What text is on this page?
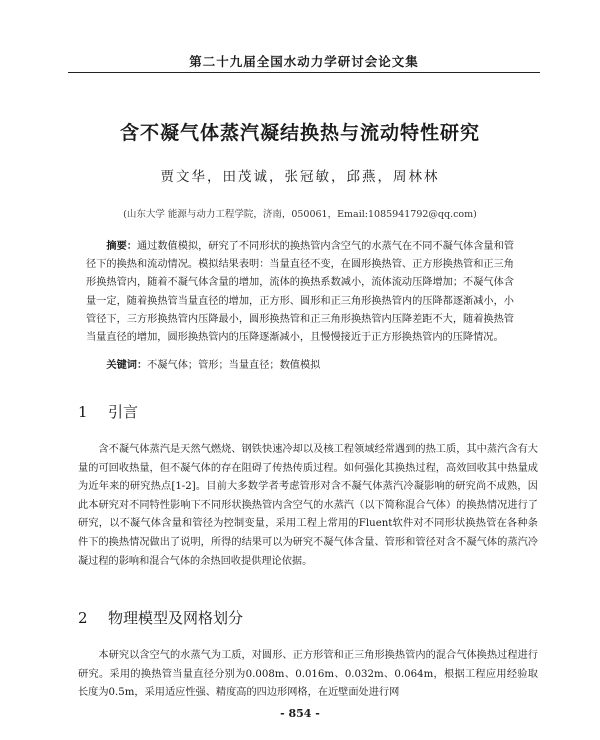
第二十九届全国水动力学研讨会论文集
含不凝气体蒸汽凝结换热与流动特性研究
贾文华，田茂诚，张冠敏，邱燕，周林林
(山东大学 能源与动力工程学院，济南，050061，Email:1085941792@qq.com)
摘要：通过数值模拟，研究了不同形状的换热管内含空气的水蒸气在不同不凝气体含量和管径下的换热和流动情况。模拟结果表明：当量直径不变，在圆形换热管、正方形换热管和正三角形换热管内，随着不凝气体含量的增加，流体的换热系数减小，流体流动压降增加；不凝气体含量一定，随着换热管当量直径的增加，正方形、圆形和正三角形换热管内的压降都逐渐减小，小管径下，三方形换热管内压降最小，圆形换热管和正三角形换热管内压降差距不大，随着换热管当量直径的增加，圆形换热管内的压降逐渐减小，且慢慢接近于正方形换热管内的压降情况。
关键词：不凝气体；管形；当量直径；数值模拟
1 引言
含不凝气体蒸汽是天然气燃烧、钢铁快速冷却以及核工程领域经常遇到的热工质，其中蒸汽含有大量的可回收热量，但不凝气体的存在阻碍了传热传质过程。如何强化其换热过程，高效回收其中热量成为近年来的研究热点[1-2]。目前大多数学者考虑管形对含不凝气体蒸汽冷凝影响的研究尚不成熟，因此本研究对不同特性影响下不同形状换热管内含空气的水蒸汽（以下简称混合气体）的换热情况进行了研究，以不凝气体含量和管径为控制变量，采用工程上常用的Fluent软件对不同形状换热管在各种条件下的换热情况做出了说明，所得的结果可以为研究不凝气体含量、管形和管径对含不凝气体的蒸汽冷凝过程的影响和混合气体的余热回收提供理论依据。
2 物理模型及网格划分
本研究以含空气的水蒸气为工质，对圆形、正方形管和正三角形换热管内的混合气体换热过程进行研究。采用的换热管当量直径分别为0.008m、0.016m、0.032m、0.064m，根据工程应用经验取长度为0.5m，采用适应性强、精度高的四边形网格，在近壁面处进行网
- 854 -
